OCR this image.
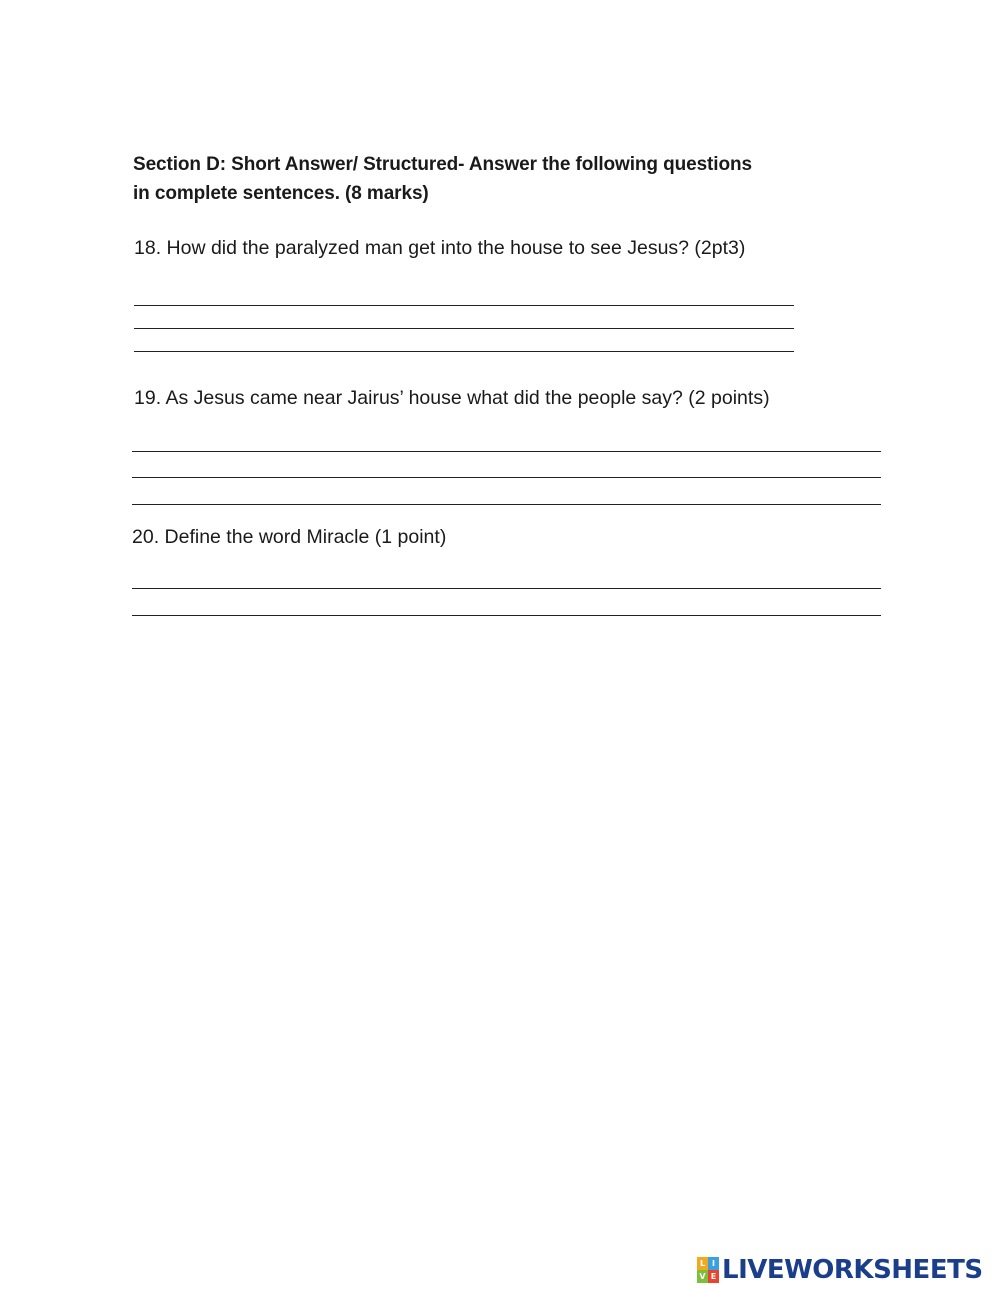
Section D: Short Answer/ Structured- Answer the following questions
in complete sentences. (8 marks)
18. How did the paralyzed man get into the house to see Jesus? (2pt3)
19. As Jesus came near Jairus’ house what did the people say? (2 points)
20. Define the word Miracle (1 point)
L I
V E LIVEWORKSHEETS
